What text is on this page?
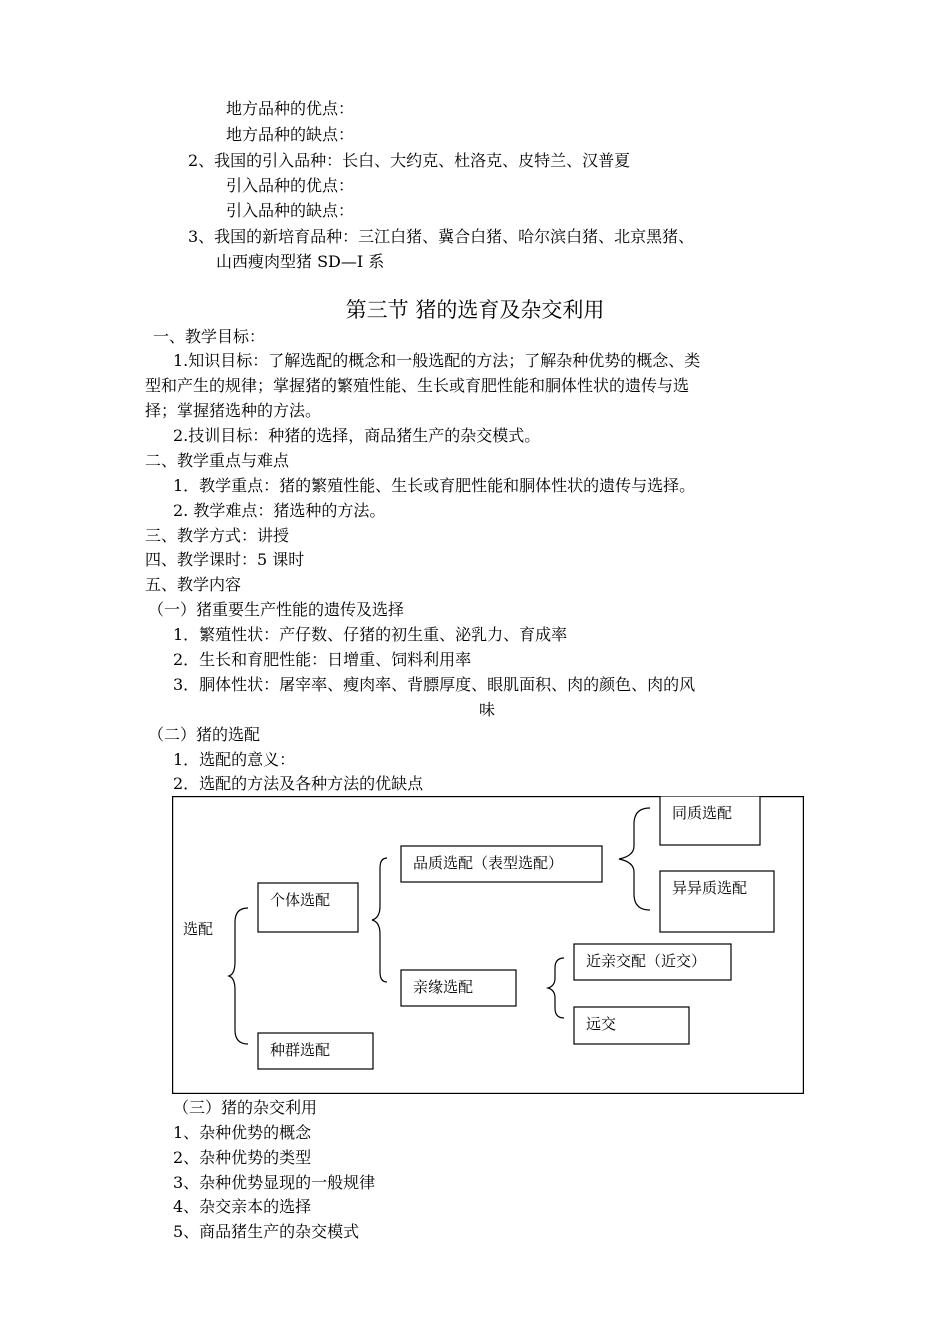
地方品种的优点：
地方品种的缺点：
2、我国的引入品种：长白、大约克、杜洛克、皮特兰、汉普夏
引入品种的优点：
引入品种的缺点：
3、我国的新培育品种：三江白猪、冀合白猪、哈尔滨白猪、北京黑猪、
山西瘦肉型猪 SD—I 系
第三节 猪的选育及杂交利用
一、教学目标：
1.知识目标：了解选配的概念和一般选配的方法；了解杂种优势的概念、类
型和产生的规律；掌握猪的繁殖性能、生长或育肥性能和胴体性状的遗传与选
择；掌握猪选种的方法。
2.技训目标：种猪的选择，商品猪生产的杂交模式。
二、教学重点与难点
1．教学重点：猪的繁殖性能、生长或育肥性能和胴体性状的遗传与选择。
2. 教学难点：猪选种的方法。
三、教学方式：讲授
四、教学课时：5 课时
五、教学内容
（一）猪重要生产性能的遗传及选择
1．繁殖性状：产仔数、仔猪的初生重、泌乳力、育成率
2．生长和育肥性能：日增重、饲料利用率
3．胴体性状：屠宰率、瘦肉率、背膘厚度、眼肌面积、肉的颜色、肉的风
味
（二）猪的选配
1．选配的意义：
2．选配的方法及各种方法的优缺点
选配
个体选配
种群选配
品质选配（表型选配）
亲缘选配
同质选配
异异质选配
近亲交配（近交）
远交
（三）猪的杂交利用
1、杂种优势的概念
2、杂种优势的类型
3、杂种优势显现的一般规律
4、杂交亲本的选择
5、商品猪生产的杂交模式
